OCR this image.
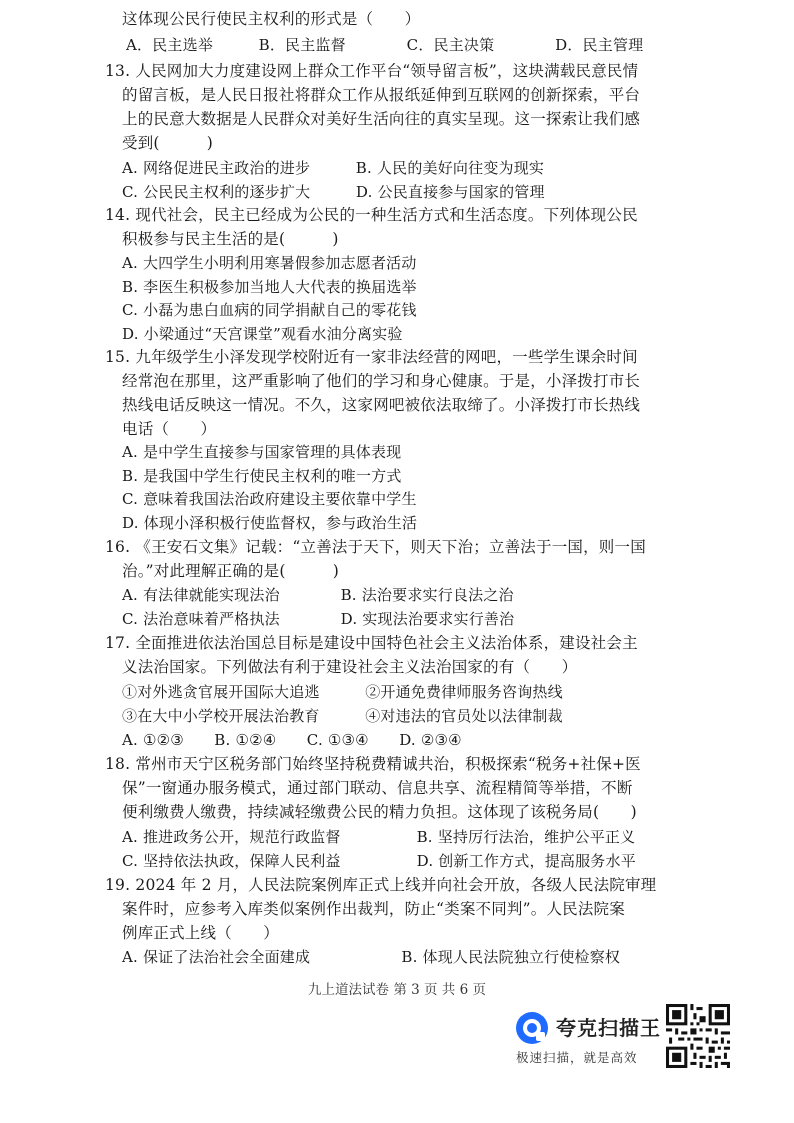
这体现公民行使民主权利的形式是（　　）
A．民主选举　　　B．民主监督　　　　C．民主决策　　　　D．民主管理
13. 人民网加大力度建设网上群众工作平台“领导留言板”，这块满载民意民情
的留言板，是人民日报社将群众工作从报纸延伸到互联网的创新探索，平台
上的民意大数据是人民群众对美好生活向往的真实呈现。这一探索让我们感
受到(　　　)
A. 网络促进民主政治的进步　　　B. 人民的美好向往变为现实
C. 公民民主权利的逐步扩大　　　D. 公民直接参与国家的管理
14. 现代社会，民主已经成为公民的一种生活方式和生活态度。下列体现公民
积极参与民主生活的是(　　　)
A. 大四学生小明利用寒暑假参加志愿者活动
B. 李医生积极参加当地人大代表的换届选举
C. 小磊为患白血病的同学捐献自己的零花钱
D. 小梁通过“天宫课堂”观看水油分离实验
15. 九年级学生小泽发现学校附近有一家非法经营的网吧，一些学生课余时间
经常泡在那里，这严重影响了他们的学习和身心健康。于是，小泽拨打市长
热线电话反映这一情况。不久，这家网吧被依法取缔了。小泽拨打市长热线
电话（　　）
A. 是中学生直接参与国家管理的具体表现
B. 是我国中学生行使民主权利的唯一方式
C. 意味着我国法治政府建设主要依靠中学生
D. 体现小泽积极行使监督权，参与政治生活
16. 《王安石文集》记载：“立善法于天下，则天下治；立善法于一国，则一国
治。”对此理解正确的是(　　　)
A. 有法律就能实现法治　　　　B. 法治要求实行良法之治
C. 法治意味着严格执法　　　　D. 实现法治要求实行善治
17. 全面推进依法治国总目标是建设中国特色社会主义法治体系，建设社会主
义法治国家。下列做法有利于建设社会主义法治国家的有（　　）
①对外逃贪官展开国际大追逃　　　②开通免费律师服务咨询热线
③在大中小学校开展法治教育　　　④对违法的官员处以法律制裁
A. ①②③　　B. ①②④　　C. ①③④　　D. ②③④
18. 常州市天宁区税务部门始终坚持税费精诚共治，积极探索“税务+社保+医
保”一窗通办服务模式，通过部门联动、信息共享、流程精简等举措，不断
便利缴费人缴费，持续减轻缴费公民的精力负担。这体现了该税务局(　　)
A. 推进政务公开，规范行政监督　　　　　B. 坚持厉行法治，维护公平正义
C. 坚持依法执政，保障人民利益　　　　　D. 创新工作方式，提高服务水平
19. 2024 年 2 月，人民法院案例库正式上线并向社会开放，各级人民法院审理
案件时，应参考入库类似案例作出裁判，防止“类案不同判”。人民法院案
例库正式上线（　　）
A. 保证了法治社会全面建成　　　　　　B. 体现人民法院独立行使检察权
九上道法试卷 第 3 页 共 6 页
夸克扫描王
极速扫描，就是高效
